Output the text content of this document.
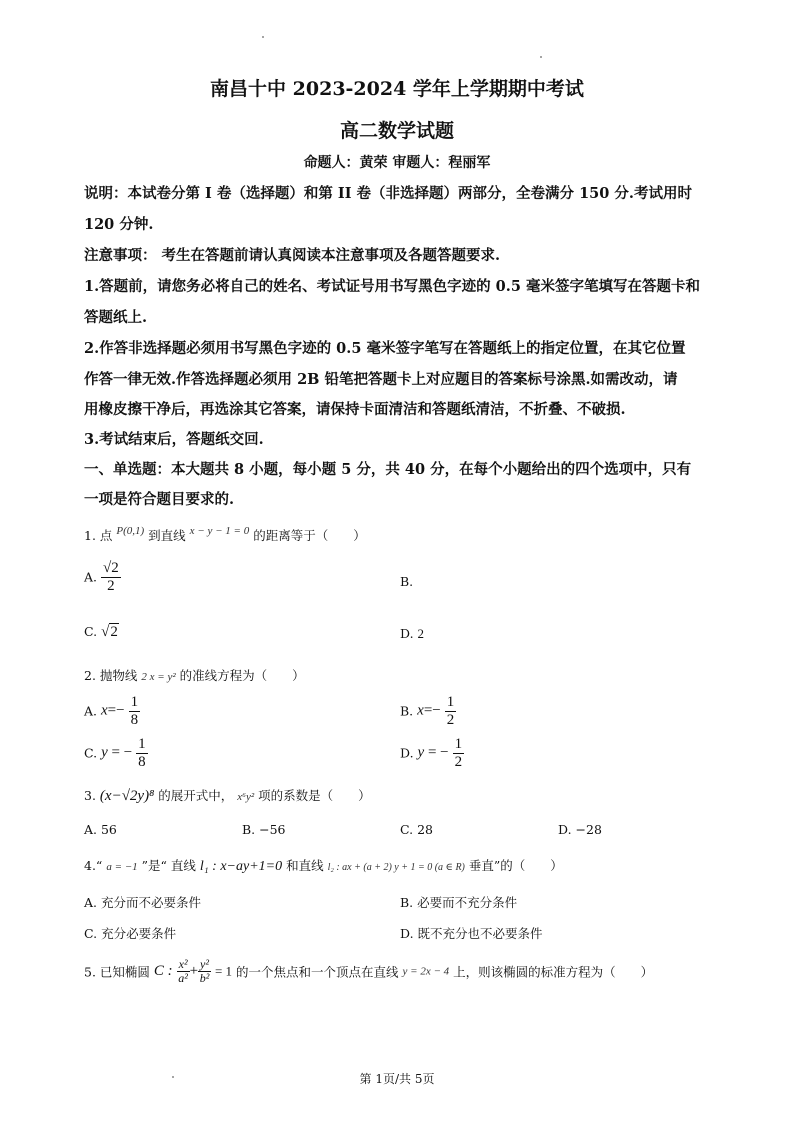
南昌十中 2023-2024 学年上学期期中考试
高二数学试题
命题人：黄荣 审题人：程丽军
说明：本试卷分第 I 卷（选择题）和第 II 卷（非选择题）两部分，全卷满分 150 分.考试用时
120 分钟.
注意事项： 考生在答题前请认真阅读本注意事项及各题答题要求.
1.答题前，请您务必将自己的姓名、考试证号用书写黑色字迹的 0.5 毫米签字笔填写在答题卡和
答题纸上.
2.作答非选择题必须用书写黑色字迹的 0.5 毫米签字笔写在答题纸上的指定位置，在其它位置
作答一律无效.作答选择题必须用 2B 铅笔把答题卡上对应题目的答案标号涂黑.如需改动，请
用橡皮擦干净后，再选涂其它答案，请保持卡面清洁和答题纸清洁，不折叠、不破损.
3.考试结束后，答题纸交回.
一、单选题：本大题共 8 小题，每小题 5 分，共 40 分，在每个小题给出的四个选项中，只有
一项是符合题目要求的.
1. 点 P(0,1) 到直线 x − y − 1 = 0 的距离等于（　　）
A. $\frac{√2}{2}$	B.
C. √2	D. 2
2. 抛物线 2 x = y² 的准线方程为（　　）
A. $x=- \frac{1}{8}$	B. $x=- \frac{1}{2}$
C. y = − $\frac{1}{8}$	D. y = − $\frac{1}{2}$
3. (x−√2y)⁸ 的展开式中， x⁶y² 项的系数是（　　）
A. 56	B. −56	C. 28	D. −28
4.“ a = −1 ”是“ 直线 l₁ : x−ay+1=0 和直线 l₂ : ax + (a + 2) y + 1 = 0 (a ∈ R) 垂直”的（　　）
A. 充分而不必要条件	B. 必要而不充分条件
C. 充分必要条件	D. 既不充分也不必要条件
5. 已知椭圆 C : $\frac{\text{x²}}{\text{a²}} + \frac{\text{y²}}{\text{b²}} = 1$ 的一个焦点和一个顶点在直线 y = 2x − 4 上，则该椭圆的标准方程为（　　）
第 1页/共 5页
